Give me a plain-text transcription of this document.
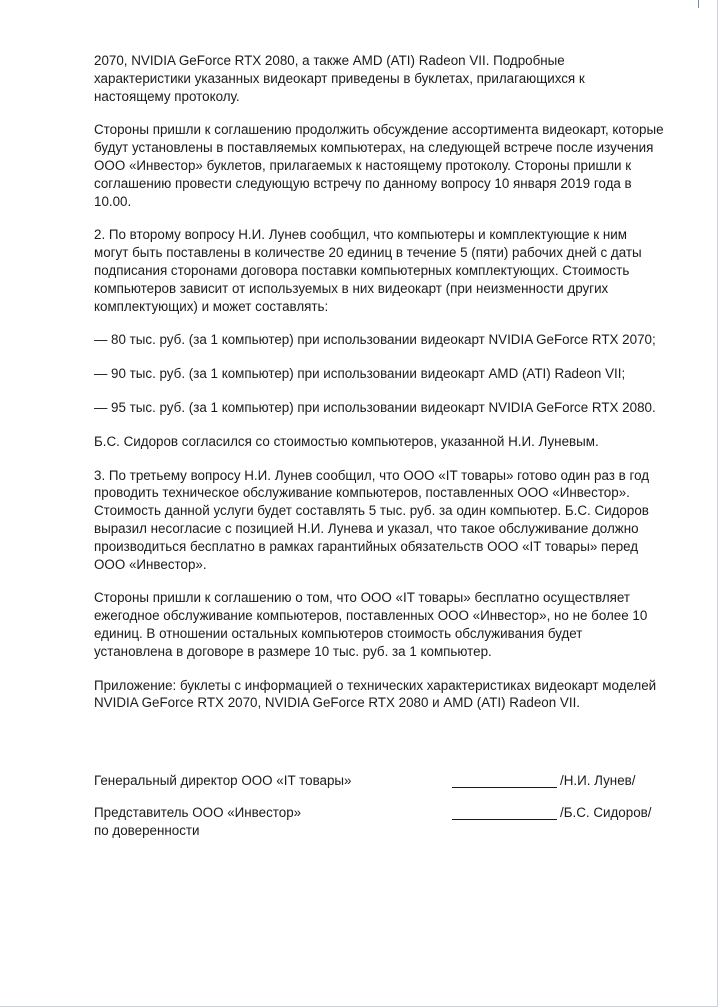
2070, NVIDIA GeForce RTX 2080, а также AMD (ATI) Radeon VII. Подробные характеристики указанных видеокарт приведены в буклетах, прилагающихся к настоящему протоколу.

Стороны пришли к соглашению продолжить обсуждение ассортимента видеокарт, которые будут установлены в поставляемых компьютерах, на следующей встрече после изучения ООО «Инвестор» буклетов, прилагаемых к настоящему протоколу. Стороны пришли к соглашению провести следующую встречу по данному вопросу 10 января 2019 года в 10.00.

2. По второму вопросу Н.И. Лунев сообщил, что компьютеры и комплектующие к ним могут быть поставлены в количестве 20 единиц в течение 5 (пяти) рабочих дней с даты подписания сторонами договора поставки компьютерных комплектующих. Стоимость компьютеров зависит от используемых в них видеокарт (при неизменности других комплектующих) и может составлять:

— 80 тыс. руб. (за 1 компьютер) при использовании видеокарт NVIDIA GeForce RTX 2070;
— 90 тыс. руб. (за 1 компьютер) при использовании видеокарт AMD (ATI) Radeon VII;
— 95 тыс. руб. (за 1 компьютер) при использовании видеокарт NVIDIA GeForce RTX 2080.

Б.С. Сидоров согласился со стоимостью компьютеров, указанной Н.И. Луневым.

3. По третьему вопросу Н.И. Лунев сообщил, что ООО «IT товары» готово один раз в год проводить техническое обслуживание компьютеров, поставленных ООО «Инвестор». Стоимость данной услуги будет составлять 5 тыс. руб. за один компьютер. Б.С. Сидоров выразил несогласие с позицией Н.И. Лунева и указал, что такое обслуживание должно производиться бесплатно в рамках гарантийных обязательств ООО «IT товары» перед ООО «Инвестор».

Стороны пришли к соглашению о том, что ООО «IT товары» бесплатно осуществляет ежегодное обслуживание компьютеров, поставленных ООО «Инвестор», но не более 10 единиц. В отношении остальных компьютеров стоимость обслуживания будет установлена в договоре в размере 10 тыс. руб. за 1 компьютер.

Приложение: буклеты с информацией о технических характеристиках видеокарт моделей NVIDIA GeForce RTX 2070, NVIDIA GeForce RTX 2080 и AMD (ATI) Radeon VII.

Генеральный директор ООО «IT товары»	/Н.И. Лунев/
Представитель ООО «Инвестор»	/Б.С. Сидоров/
по доверенности
